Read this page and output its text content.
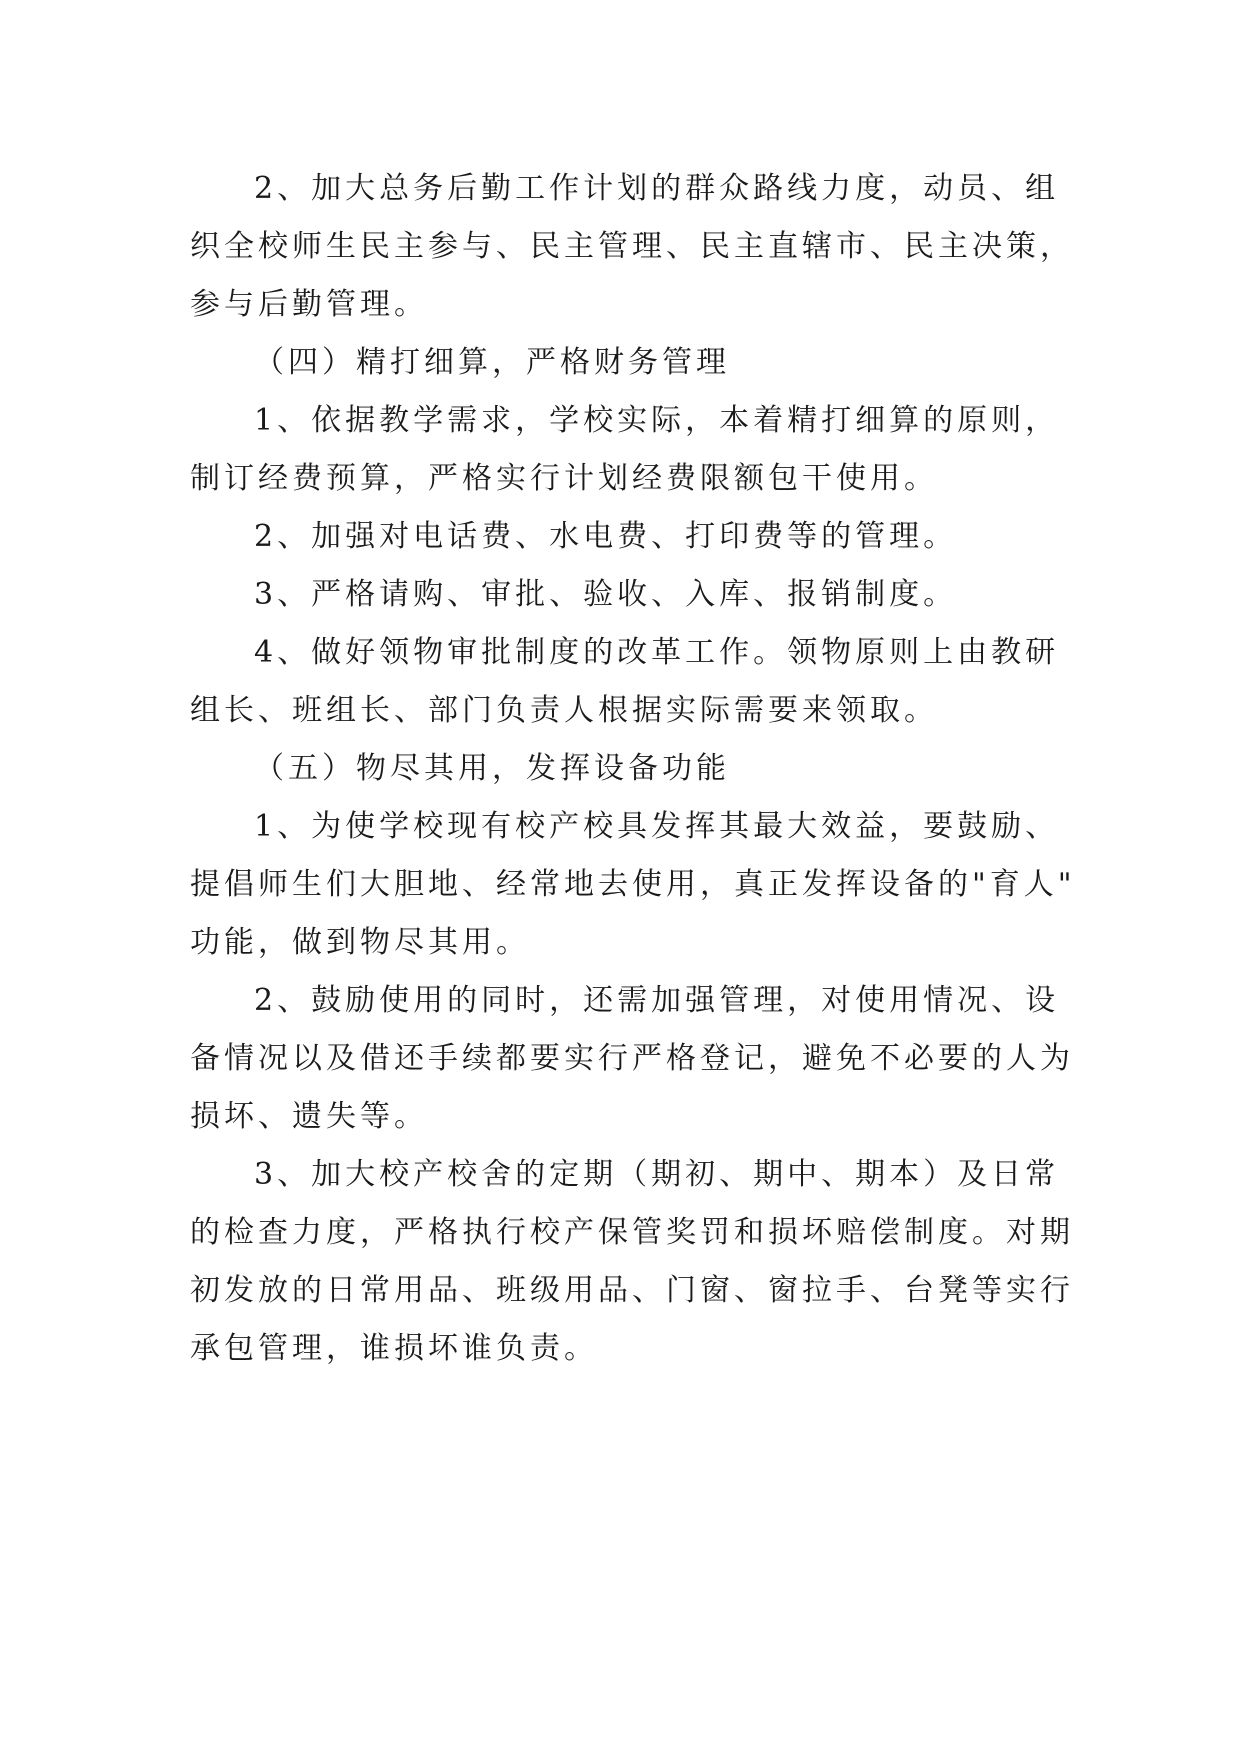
2、加大总务后勤工作计划的群众路线力度，动员、组
织全校师生民主参与、民主管理、民主直辖市、民主决策，
参与后勤管理。

（四）精打细算，严格财务管理

1、依据教学需求，学校实际，本着精打细算的原则，
制订经费预算，严格实行计划经费限额包干使用。

2、加强对电话费、水电费、打印费等的管理。

3、严格请购、审批、验收、入库、报销制度。

4、做好领物审批制度的改革工作。领物原则上由教研
组长、班组长、部门负责人根据实际需要来领取。

（五）物尽其用，发挥设备功能

1、为使学校现有校产校具发挥其最大效益，要鼓励、
提倡师生们大胆地、经常地去使用，真正发挥设备的"育人"
功能，做到物尽其用。

2、鼓励使用的同时，还需加强管理，对使用情况、设
备情况以及借还手续都要实行严格登记，避免不必要的人为
损坏、遗失等。

3、加大校产校舍的定期（期初、期中、期本）及日常
的检查力度，严格执行校产保管奖罚和损坏赔偿制度。对期
初发放的日常用品、班级用品、门窗、窗拉手、台凳等实行
承包管理，谁损坏谁负责。
